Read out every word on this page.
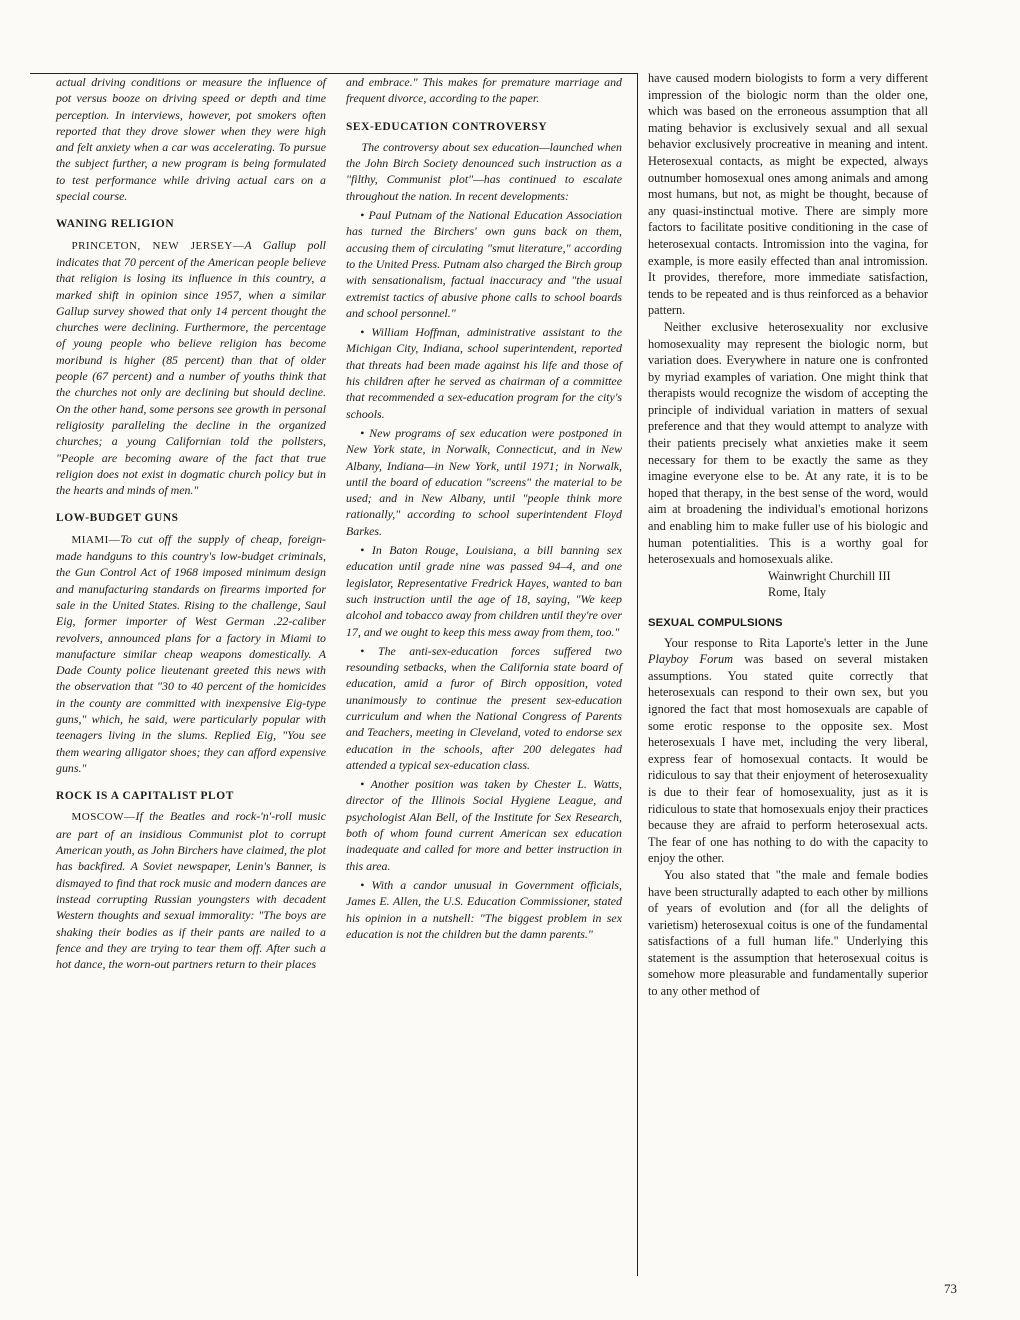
actual driving conditions or measure the influence of pot versus booze on driving speed or depth and time perception. In interviews, however, pot smokers often reported that they drove slower when they were high and felt anxiety when a car was accelerating. To pursue the subject further, a new program is being formulated to test performance while driving actual cars on a special course.

WANING RELIGION

PRINCETON, NEW JERSEY—A Gallup poll indicates that 70 percent of the American people believe that religion is losing its influence in this country, a marked shift in opinion since 1957, when a similar Gallup survey showed that only 14 percent thought the churches were declining. Furthermore, the percentage of young people who believe religion has become moribund is higher (85 percent) than that of older people (67 percent) and a number of youths think that the churches not only are declining but should decline. On the other hand, some persons see growth in personal religiosity paralleling the decline in the organized churches; a young Californian told the pollsters, "People are becoming aware of the fact that true religion does not exist in dogmatic church policy but in the hearts and minds of men."

LOW-BUDGET GUNS

MIAMI—To cut off the supply of cheap, foreign-made handguns to this country's low-budget criminals, the Gun Control Act of 1968 imposed minimum design and manufacturing standards on firearms imported for sale in the United States. Rising to the challenge, Saul Eig, former importer of West German .22-caliber revolvers, announced plans for a factory in Miami to manufacture similar cheap weapons domestically. A Dade County police lieutenant greeted this news with the observation that "30 to 40 percent of the homicides in the county are committed with inexpensive Eig-type guns," which, he said, were particularly popular with teenagers living in the slums. Replied Eig, "You see them wearing alligator shoes; they can afford expensive guns."

ROCK IS A CAPITALIST PLOT

MOSCOW—If the Beatles and rock-'n'-roll music are part of an insidious Communist plot to corrupt American youth, as John Birchers have claimed, the plot has backfired. A Soviet newspaper, Lenin's Banner, is dismayed to find that rock music and modern dances are instead corrupting Russian youngsters with decadent Western thoughts and sexual immorality: "The boys are shaking their bodies as if their pants are nailed to a fence and they are trying to tear them off. After such a hot dance, the worn-out partners return to their places

and embrace." This makes for premature marriage and frequent divorce, according to the paper.

SEX-EDUCATION CONTROVERSY

The controversy about sex education—launched when the John Birch Society denounced such instruction as a "filthy, Communist plot"—has continued to escalate throughout the nation. In recent developments:

• Paul Putnam of the National Education Association has turned the Birchers' own guns back on them, accusing them of circulating "smut literature," according to the United Press. Putnam also charged the Birch group with sensationalism, factual inaccuracy and "the usual extremist tactics of abusive phone calls to school boards and school personnel."

• William Hoffman, administrative assistant to the Michigan City, Indiana, school superintendent, reported that threats had been made against his life and those of his children after he served as chairman of a committee that recommended a sex-education program for the city's schools.

• New programs of sex education were postponed in New York state, in Norwalk, Connecticut, and in New Albany, Indiana—in New York, until 1971; in Norwalk, until the board of education "screens" the material to be used; and in New Albany, until "people think more rationally," according to school superintendent Floyd Barkes.

• In Baton Rouge, Louisiana, a bill banning sex education until grade nine was passed 94–4, and one legislator, Representative Fredrick Hayes, wanted to ban such instruction until the age of 18, saying, "We keep alcohol and tobacco away from children until they're over 17, and we ought to keep this mess away from them, too."

• The anti-sex-education forces suffered two resounding setbacks, when the California state board of education, amid a furor of Birch opposition, voted unanimously to continue the present sex-education curriculum and when the National Congress of Parents and Teachers, meeting in Cleveland, voted to endorse sex education in the schools, after 200 delegates had attended a typical sex-education class.

• Another position was taken by Chester L. Watts, director of the Illinois Social Hygiene League, and psychologist Alan Bell, of the Institute for Sex Research, both of whom found current American sex education inadequate and called for more and better instruction in this area.

• With a candor unusual in Government officials, James E. Allen, the U.S. Education Commissioner, stated his opinion in a nutshell: "The biggest problem in sex education is not the children but the damn parents."

have caused modern biologists to form a very different impression of the biologic norm than the older one, which was based on the erroneous assumption that all mating behavior is exclusively sexual and all sexual behavior exclusively procreative in meaning and intent. Heterosexual contacts, as might be expected, always outnumber homosexual ones among animals and among most humans, but not, as might be thought, because of any quasi-instinctual motive. There are simply more factors to facilitate positive conditioning in the case of heterosexual contacts. Intromission into the vagina, for example, is more easily effected than anal intromission. It provides, therefore, more immediate satisfaction, tends to be repeated and is thus reinforced as a behavior pattern.

Neither exclusive heterosexuality nor exclusive homosexuality may represent the biologic norm, but variation does. Everywhere in nature one is confronted by myriad examples of variation. One might think that therapists would recognize the wisdom of accepting the principle of individual variation in matters of sexual preference and that they would attempt to analyze with their patients precisely what anxieties make it seem necessary for them to be exactly the same as they imagine everyone else to be. At any rate, it is to be hoped that therapy, in the best sense of the word, would aim at broadening the individual's emotional horizons and enabling him to make fuller use of his biologic and human potentialities. This is a worthy goal for heterosexuals and homosexuals alike.

Wainwright Churchill III

Rome, Italy

SEXUAL COMPULSIONS

Your response to Rita Laporte's letter in the June Playboy Forum was based on several mistaken assumptions. You stated quite correctly that heterosexuals can respond to their own sex, but you ignored the fact that most homosexuals are capable of some erotic response to the opposite sex. Most heterosexuals I have met, including the very liberal, express fear of homosexual contacts. It would be ridiculous to say that their enjoyment of heterosexuality is due to their fear of homosexuality, just as it is ridiculous to state that homosexuals enjoy their practices because they are afraid to perform heterosexual acts. The fear of one has nothing to do with the capacity to enjoy the other.

You also stated that "the male and female bodies have been structurally adapted to each other by millions of years of evolution and (for all the delights of varietism) heterosexual coitus is one of the fundamental satisfactions of a full human life." Underlying this statement is the assumption that heterosexual coitus is somehow more pleasurable and fundamentally superior to any other method of

73
